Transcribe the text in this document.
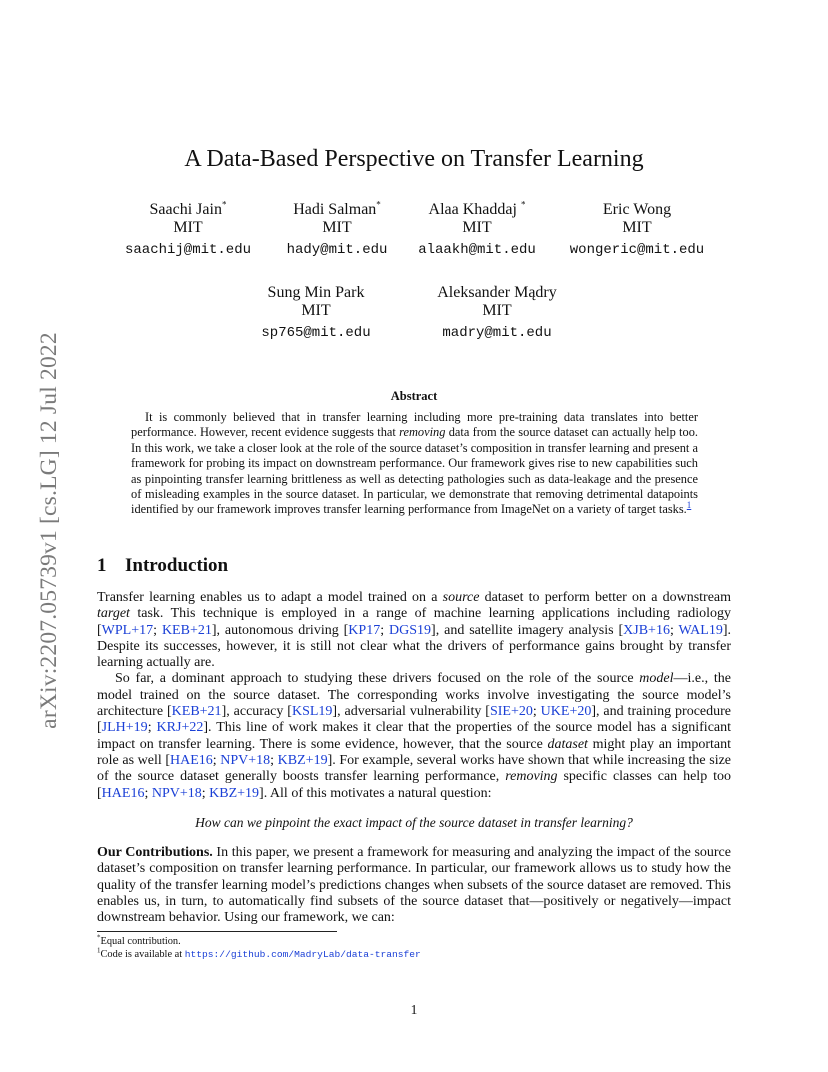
arXiv:2207.05739v1 [cs.LG] 12 Jul 2022
A Data-Based Perspective on Transfer Learning
Saachi Jain*
MIT
saachij@mit.edu
Hadi Salman*
MIT
hady@mit.edu
Alaa Khaddaj *
MIT
alaakh@mit.edu
Eric Wong
MIT
wongeric@mit.edu
Sung Min Park
MIT
sp765@mit.edu
Aleksander Mądry
MIT
madry@mit.edu
Abstract
It is commonly believed that in transfer learning including more pre-training data translates into better performance. However, recent evidence suggests that removing data from the source dataset can actually help too. In this work, we take a closer look at the role of the source dataset’s composition in transfer learning and present a framework for probing its impact on downstream performance. Our framework gives rise to new capabilities such as pinpointing transfer learning brittleness as well as detecting pathologies such as data-leakage and the presence of misleading examples in the source dataset. In particular, we demonstrate that removing detrimental datapoints identified by our framework improves transfer learning performance from ImageNet on a variety of target tasks.$^1$
1 Introduction

Transfer learning enables us to adapt a model trained on a source dataset to perform better on a downstream target task. This technique is employed in a range of machine learning applications including radiology [WPL+17; KEB+21], autonomous driving [KP17; DGS19], and satellite imagery analysis [XJB+16; WAL19]. Despite its successes, however, it is still not clear what the drivers of performance gains brought by transfer learning actually are.

So far, a dominant approach to studying these drivers focused on the role of the source model—i.e., the model trained on the source dataset. The corresponding works involve investigating the source model’s architecture [KEB+21], accuracy [KSL19], adversarial vulnerability [SIE+20; UKE+20], and training procedure [JLH+19; KRJ+22]. This line of work makes it clear that the properties of the source model has a significant impact on transfer learning. There is some evidence, however, that the source dataset might play an important role as well [HAE16; NPV+18; KBZ+19]. For example, several works have shown that while increasing the size of the source dataset generally boosts transfer learning performance, removing specific classes can help too [HAE16; NPV+18; KBZ+19]. All of this motivates a natural question:

How can we pinpoint the exact impact of the source dataset in transfer learning?

Our Contributions. In this paper, we present a framework for measuring and analyzing the impact of the source dataset’s composition on transfer learning performance. In particular, our framework allows us to study how the quality of the transfer learning model’s predictions changes when subsets of the source dataset are removed. This enables us, in turn, to automatically find subsets of the source dataset that—positively or negatively—impact downstream behavior. Using our framework, we can:

*Equal contribution.
$^1$Code is available at https://github.com/MadryLab/data-transfer
1
